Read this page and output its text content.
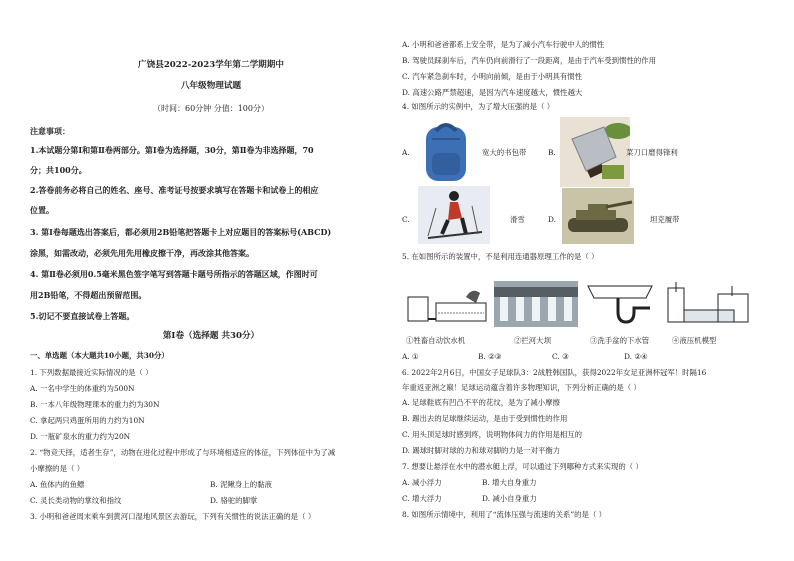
广饶县2022-2023学年第二学期期中
八年级物理试题
（时间：60分钟 分值：100分）
注意事项：
1.本试题分第Ⅰ和第Ⅱ卷两部分。第Ⅰ卷为选择题，30分，第Ⅱ卷为非选择题，70
分；共100分。
2.答卷前务必将自己的姓名、座号、准考证号按要求填写在答题卡和试卷上的相应
位置。
3. 第Ⅰ卷每题选出答案后，都必须用2B铅笔把答题卡上对应题目的答案标号(ABCD)
涂黑，如需改动，必须先用先用橡皮擦干净，再改涂其他答案。
4. 第Ⅱ卷必须用0.5毫米黑色签字笔写到答题卡题号所指示的答题区域，作图时可
用2B铅笔，不得超出预留范围。
5.切记不要直接试卷上答题。
第Ⅰ卷（选择题 共30分）
一、单选题（本大题共10小题，共30分）
1. 下列数据最接近实际情况的是（ ）
A. 一名中学生的体重约为500N
B. 一本八年级物理课本的重力约为30N
C. 拿起两只鸡蛋所用的力约为10N
D. 一瓶矿泉水的重力约为20N
2. “物竞天择，适者生存”，动物在进化过程中形成了与环境相适应的体征，下列体征中为了减
小摩擦的是（ ）
A. 鱼体内的鱼鳔	B. 泥鳅身上的黏液
C. 灵长类动物的掌纹和指纹	D. 骆驼的脚掌
3. 小明和爸爸周末乘车到黄河口湿地风景区去游玩，下列有关惯性的说法正确的是（ ）
A. 小明和爸爸都系上安全带，是为了减小汽车行驶中人的惯性
B. 驾驶员踩刹车后，汽车仍向前滑行了一段距离，是由于汽车受到惯性的作用
C. 汽车紧急刹车时，小明向前倾，是由于小明具有惯性
D. 高速公路严禁超速，是因为汽车速度越大，惯性越大
4. 如图所示的实例中，为了增大压强的是（ ）
A.	宽大的书包带	B.	菜刀口磨得锋利
C.	滑雪	D.	坦克履带
5. 在如图所示的装置中，不是利用连通器原理工作的是（ ）
①牲畜自动饮水机	②拦河大坝	③洗手盆的下水管	④液压机模型
A. ①	B. ②③	C. ③	D. ②④
6. 2022年2月6日，中国女子足球队3：2战胜韩国队，获得2022年女足亚洲杯冠军！时隔16
年重返亚洲之巅！足球运动蕴含着许多物理知识，下列分析正确的是（ ）
A. 足球鞋底有凹凸不平的花纹，是为了减小摩擦
B. 踢出去的足球继续运动，是由于受到惯性的作用
C. 用头顶足球时感到疼，说明物体间力的作用是相互的
D. 踢球时脚对球的力和球对脚的力是一对平衡力
7. 想要让悬浮在水中的潜水艇上浮，可以通过下列哪种方式来实现的（ ）
A. 减小浮力	B. 增大自身重力
C. 增大浮力	D. 减小自身重力
8. 如图所示情境中，利用了“流体压强与流速的关系”的是（ ）
